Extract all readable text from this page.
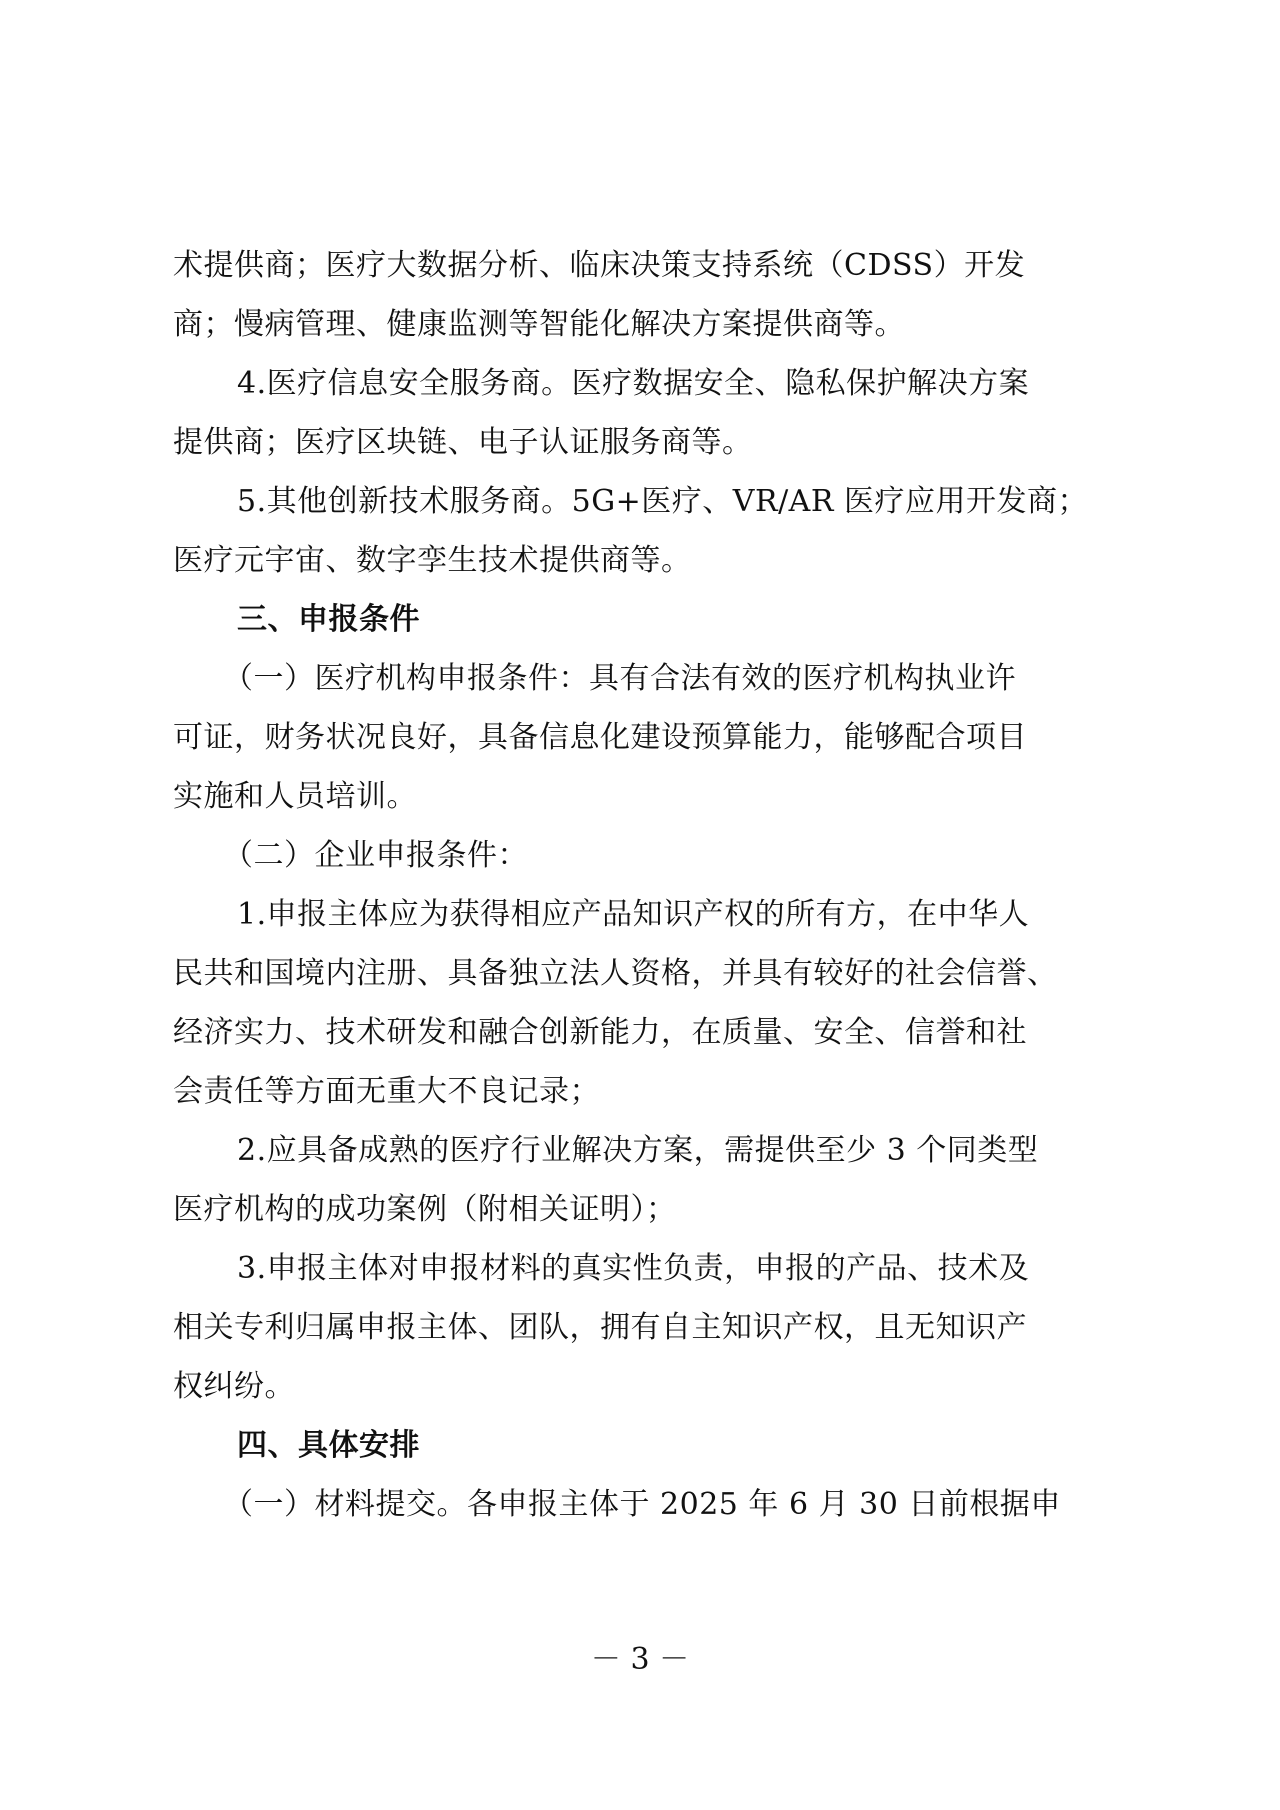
术提供商；医疗大数据分析、临床决策支持系统（CDSS）开发
商；慢病管理、健康监测等智能化解决方案提供商等。
4.医疗信息安全服务商。医疗数据安全、隐私保护解决方案
提供商；医疗区块链、电子认证服务商等。
5.其他创新技术服务商。5G+医疗、VR/AR 医疗应用开发商；
医疗元宇宙、数字孪生技术提供商等。
三、申报条件
（一）医疗机构申报条件：具有合法有效的医疗机构执业许
可证，财务状况良好，具备信息化建设预算能力，能够配合项目
实施和人员培训。
（二）企业申报条件：
1.申报主体应为获得相应产品知识产权的所有方，在中华人
民共和国境内注册、具备独立法人资格，并具有较好的社会信誉、
经济实力、技术研发和融合创新能力，在质量、安全、信誉和社
会责任等方面无重大不良记录；
2.应具备成熟的医疗行业解决方案，需提供至少 3 个同类型
医疗机构的成功案例（附相关证明）；
3.申报主体对申报材料的真实性负责，申报的产品、技术及
相关专利归属申报主体、团队，拥有自主知识产权，且无知识产
权纠纷。
四、具体安排
（一）材料提交。各申报主体于 2025 年 6 月 30 日前根据申
－ 3 －
